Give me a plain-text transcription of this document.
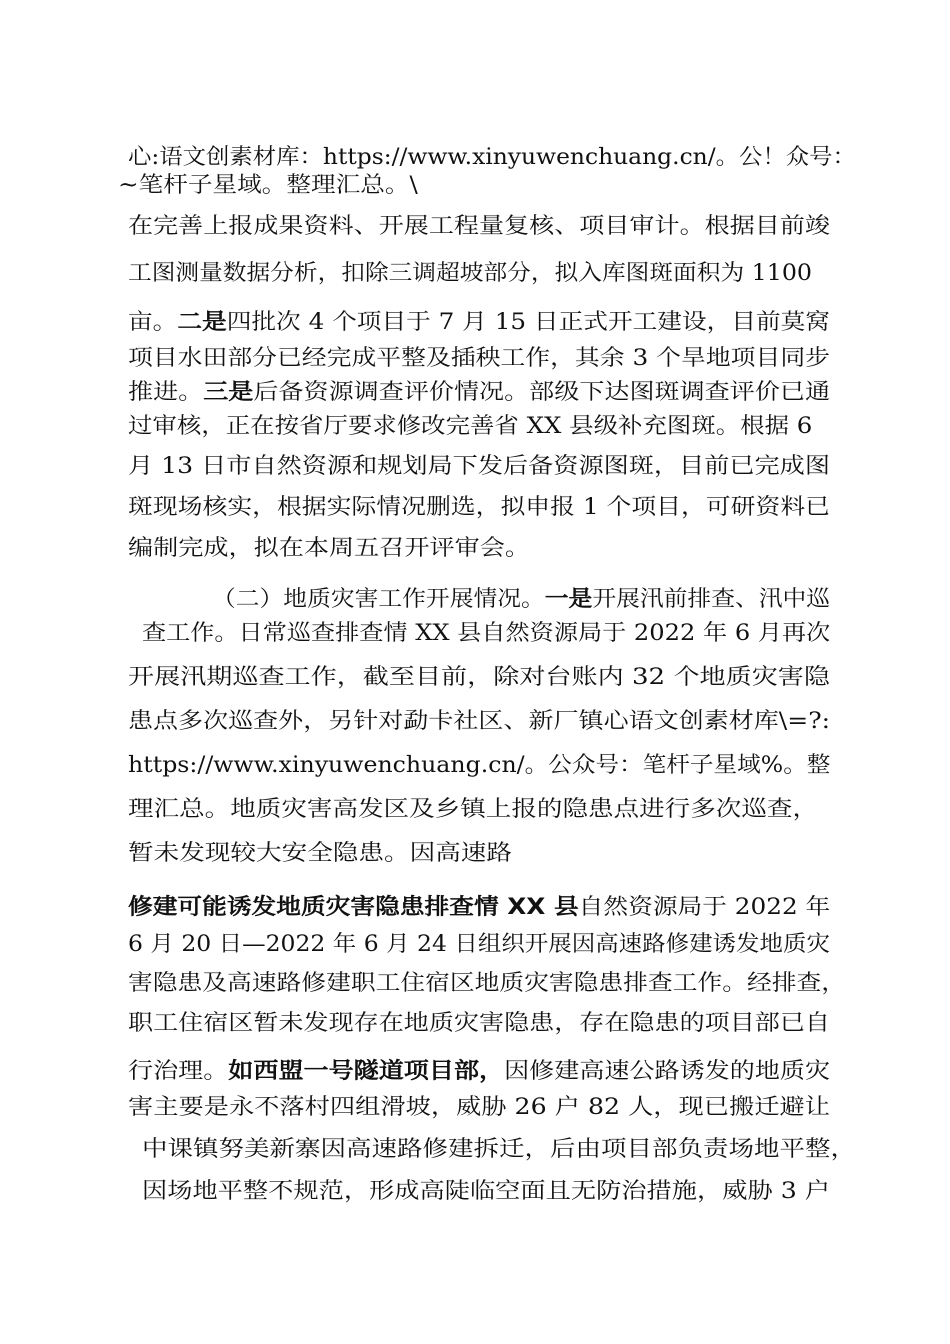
心:语文创素材库：https://www.xinyuwenchuang.cn/。公！众号：
~笔杆子星域。整理汇总。\
在完善上报成果资料、开展工程量复核、项目审计。根据目前竣
工图测量数据分析，扣除三调超坡部分，拟入库图斑面积为 1100
亩。二是四批次 4 个项目于 7 月 15 日正式开工建设，目前莫窝
项目水田部分已经完成平整及插秧工作，其余 3 个旱地项目同步
推进。三是后备资源调查评价情况。部级下达图斑调查评价已通
过审核，正在按省厅要求修改完善省 XX 县级补充图斑。根据 6
月 13 日市自然资源和规划局下发后备资源图斑，目前已完成图
斑现场核实，根据实际情况删选，拟申报 1 个项目，可研资料已
编制完成，拟在本周五召开评审会。
（二）地质灾害工作开展情况。一是开展汛前排查、汛中巡
查工作。日常巡查排查情 XX 县自然资源局于 2022 年 6 月再次
开展汛期巡查工作，截至目前，除对台账内 32 个地质灾害隐
患点多次巡查外，另针对勐卡社区、新厂镇心语文创素材库\=?:
https://www.xinyuwenchuang.cn/。公众号：笔杆子星域%。整
理汇总。地质灾害高发区及乡镇上报的隐患点进行多次巡查，
暂未发现较大安全隐患。因高速路
修建可能诱发地质灾害隐患排查情 XX 县自然资源局于 2022 年
6 月 20 日—2022 年 6 月 24 日组织开展因高速路修建诱发地质灾
害隐患及高速路修建职工住宿区地质灾害隐患排查工作。经排查，
职工住宿区暂未发现存在地质灾害隐患，存在隐患的项目部已自
行治理。如西盟一号隧道项目部，因修建高速公路诱发的地质灾
害主要是永不落村四组滑坡，威胁 26 户 82 人，现已搬迁避让
中课镇努美新寨因高速路修建拆迁，后由项目部负责场地平整，
因场地平整不规范，形成高陡临空面且无防治措施，威胁 3 户
